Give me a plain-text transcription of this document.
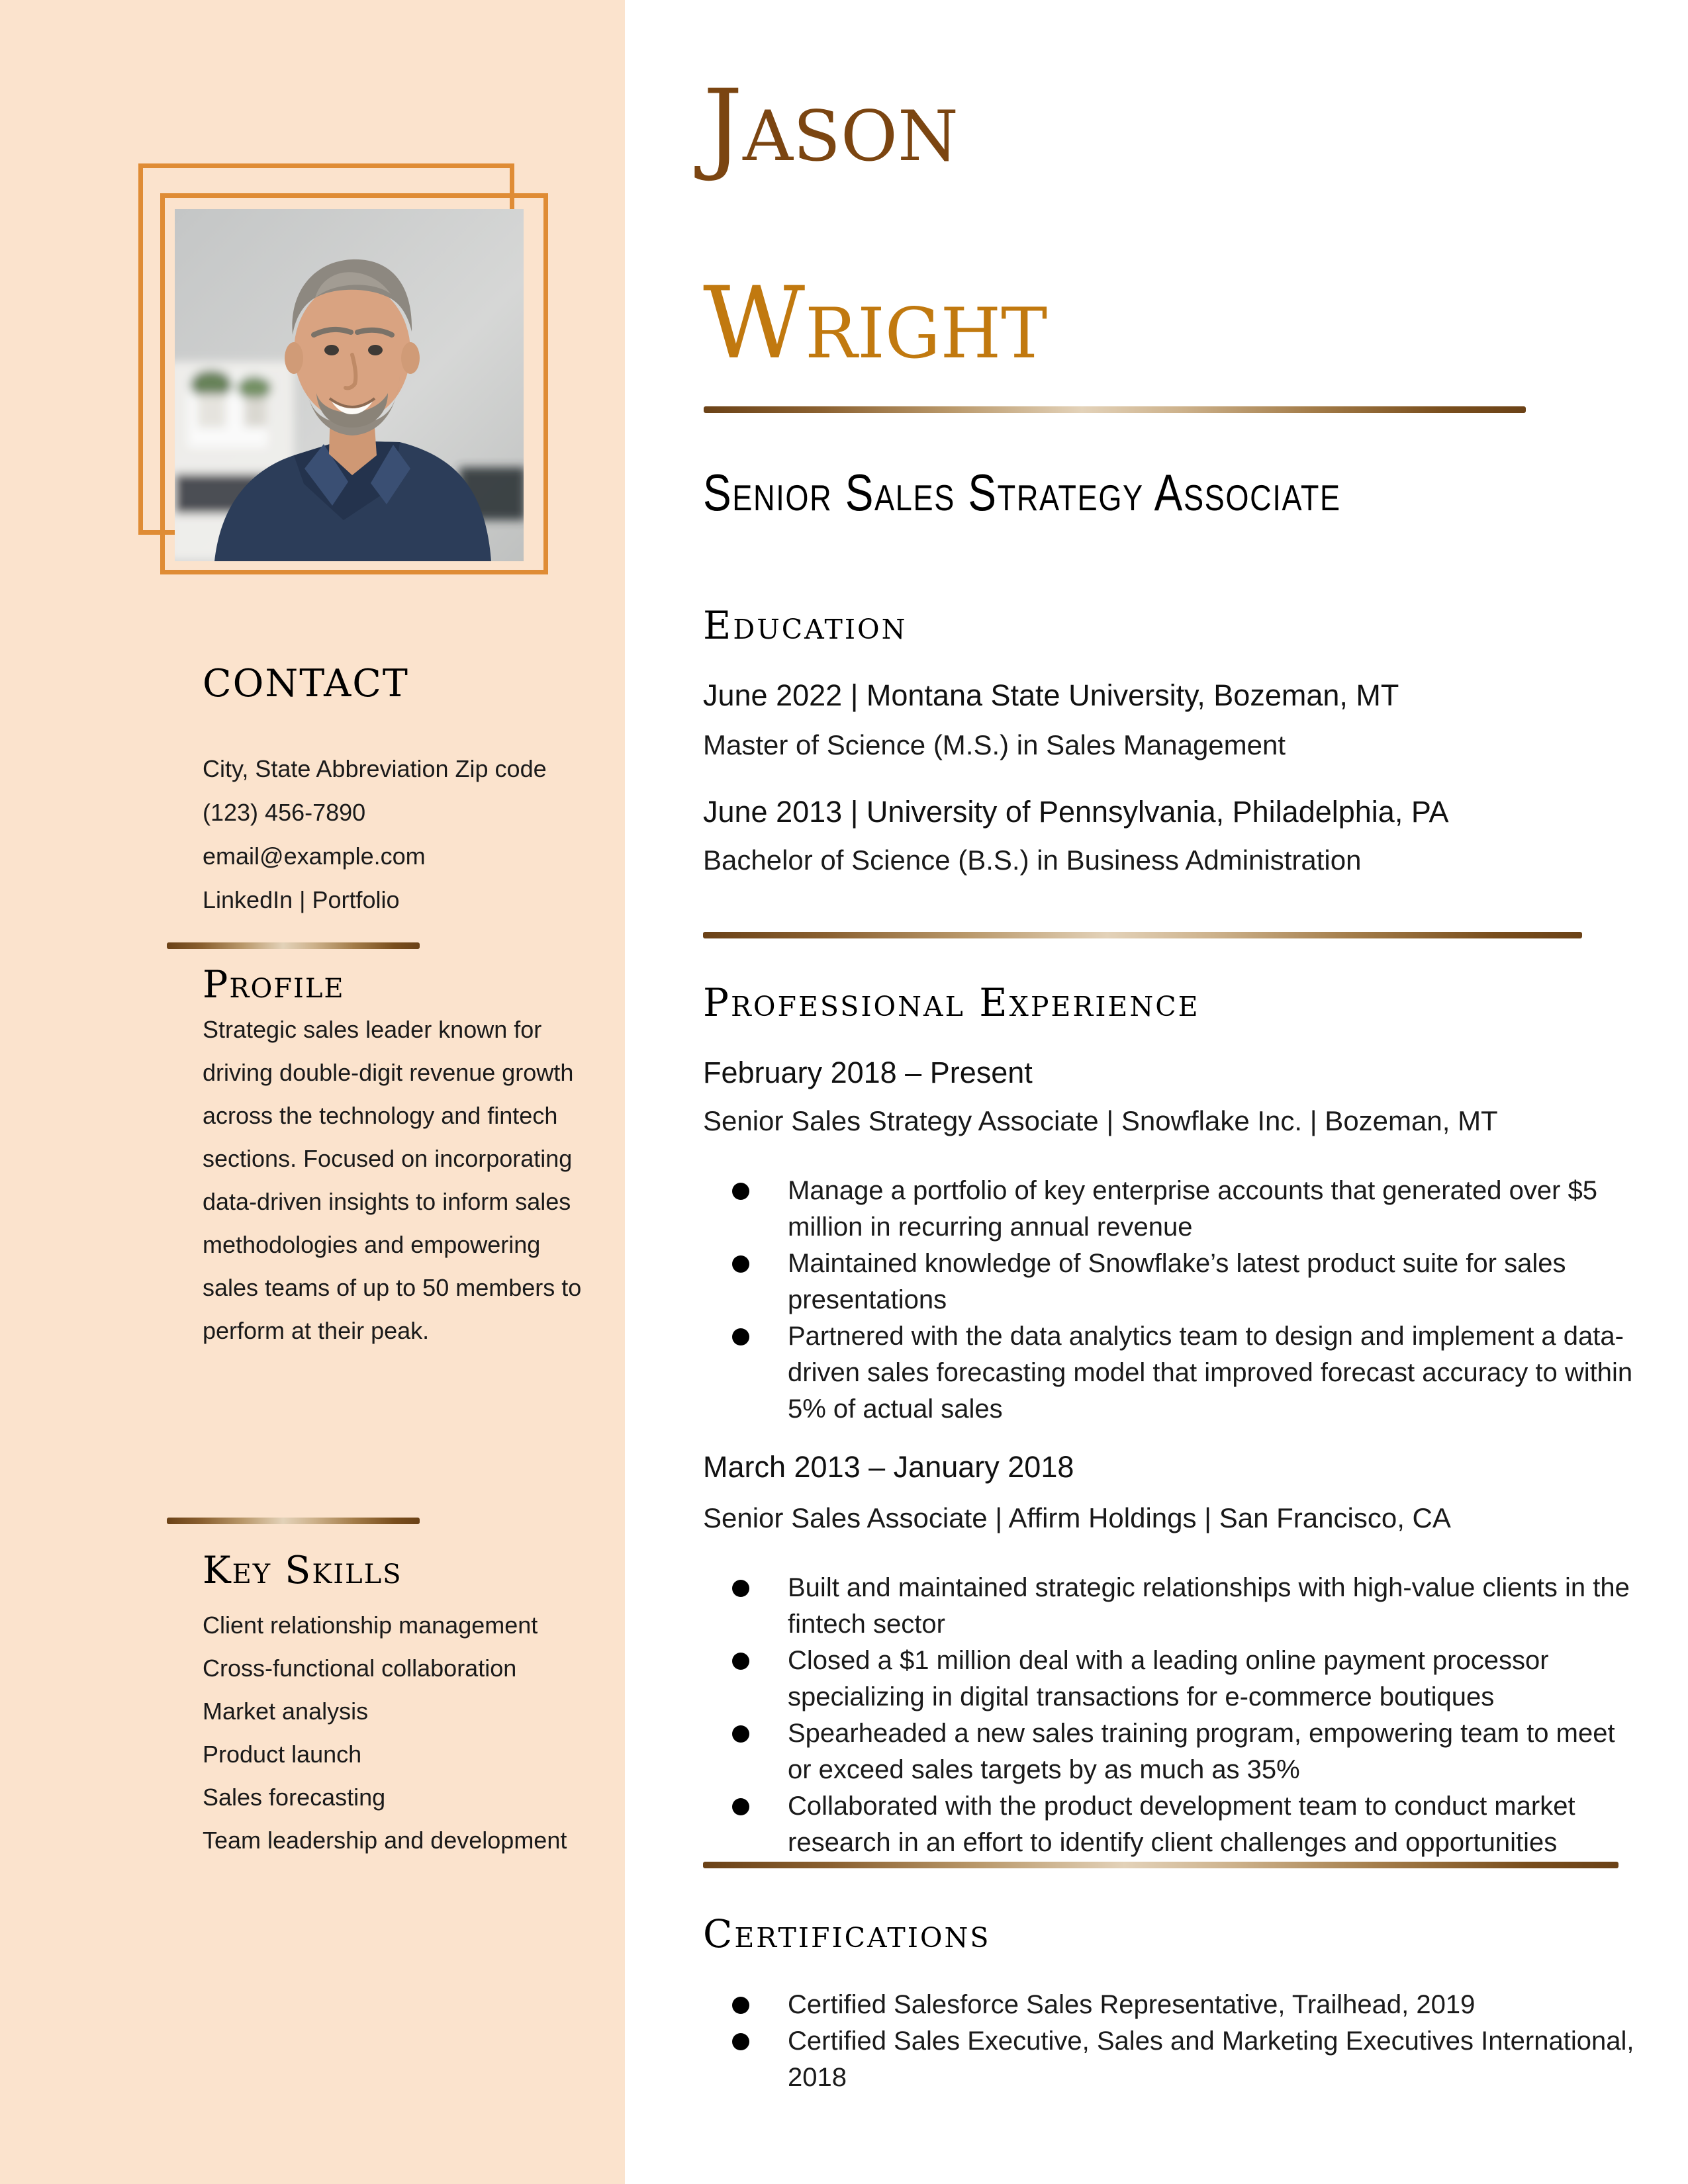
CONTACT
City, State Abbreviation Zip code
(123) 456-7890
email@example.com
LinkedIn | Portfolio
Profile

Strategic sales leader known for driving double-digit revenue growth across the technology and fintech sections. Focused on incorporating data-driven insights to inform sales methodologies and empowering sales teams of up to 50 members to perform at their peak.

Key Skills
Client relationship management
Cross-functional collaboration
Market analysis
Product launch
Sales forecasting
Team leadership and development
Jason
Wright
Senior Sales Strategy Associate
Education
June 2022 | Montana State University, Bozeman, MT
Master of Science (M.S.) in Sales Management
June 2013 | University of Pennsylvania, Philadelphia, PA
Bachelor of Science (B.S.) in Business Administration
Professional Experience
February 2018 – Present
Senior Sales Strategy Associate | Snowflake Inc. | Bozeman, MT
Manage a portfolio of key enterprise accounts that generated over $5 million in recurring annual revenue
Maintained knowledge of Snowflake’s latest product suite for sales presentations
Partnered with the data analytics team to design and implement a data-driven sales forecasting model that improved forecast accuracy to within 5% of actual sales
March 2013 – January 2018
Senior Sales Associate | Affirm Holdings | San Francisco, CA
Built and maintained strategic relationships with high-value clients in the fintech sector
Closed a $1 million deal with a leading online payment processor specializing in digital transactions for e-commerce boutiques
Spearheaded a new sales training program, empowering team to meet or exceed sales targets by as much as 35%
Collaborated with the product development team to conduct market research in an effort to identify client challenges and opportunities
Certifications
Certified Salesforce Sales Representative, Trailhead, 2019
Certified Sales Executive, Sales and Marketing Executives International, 2018
